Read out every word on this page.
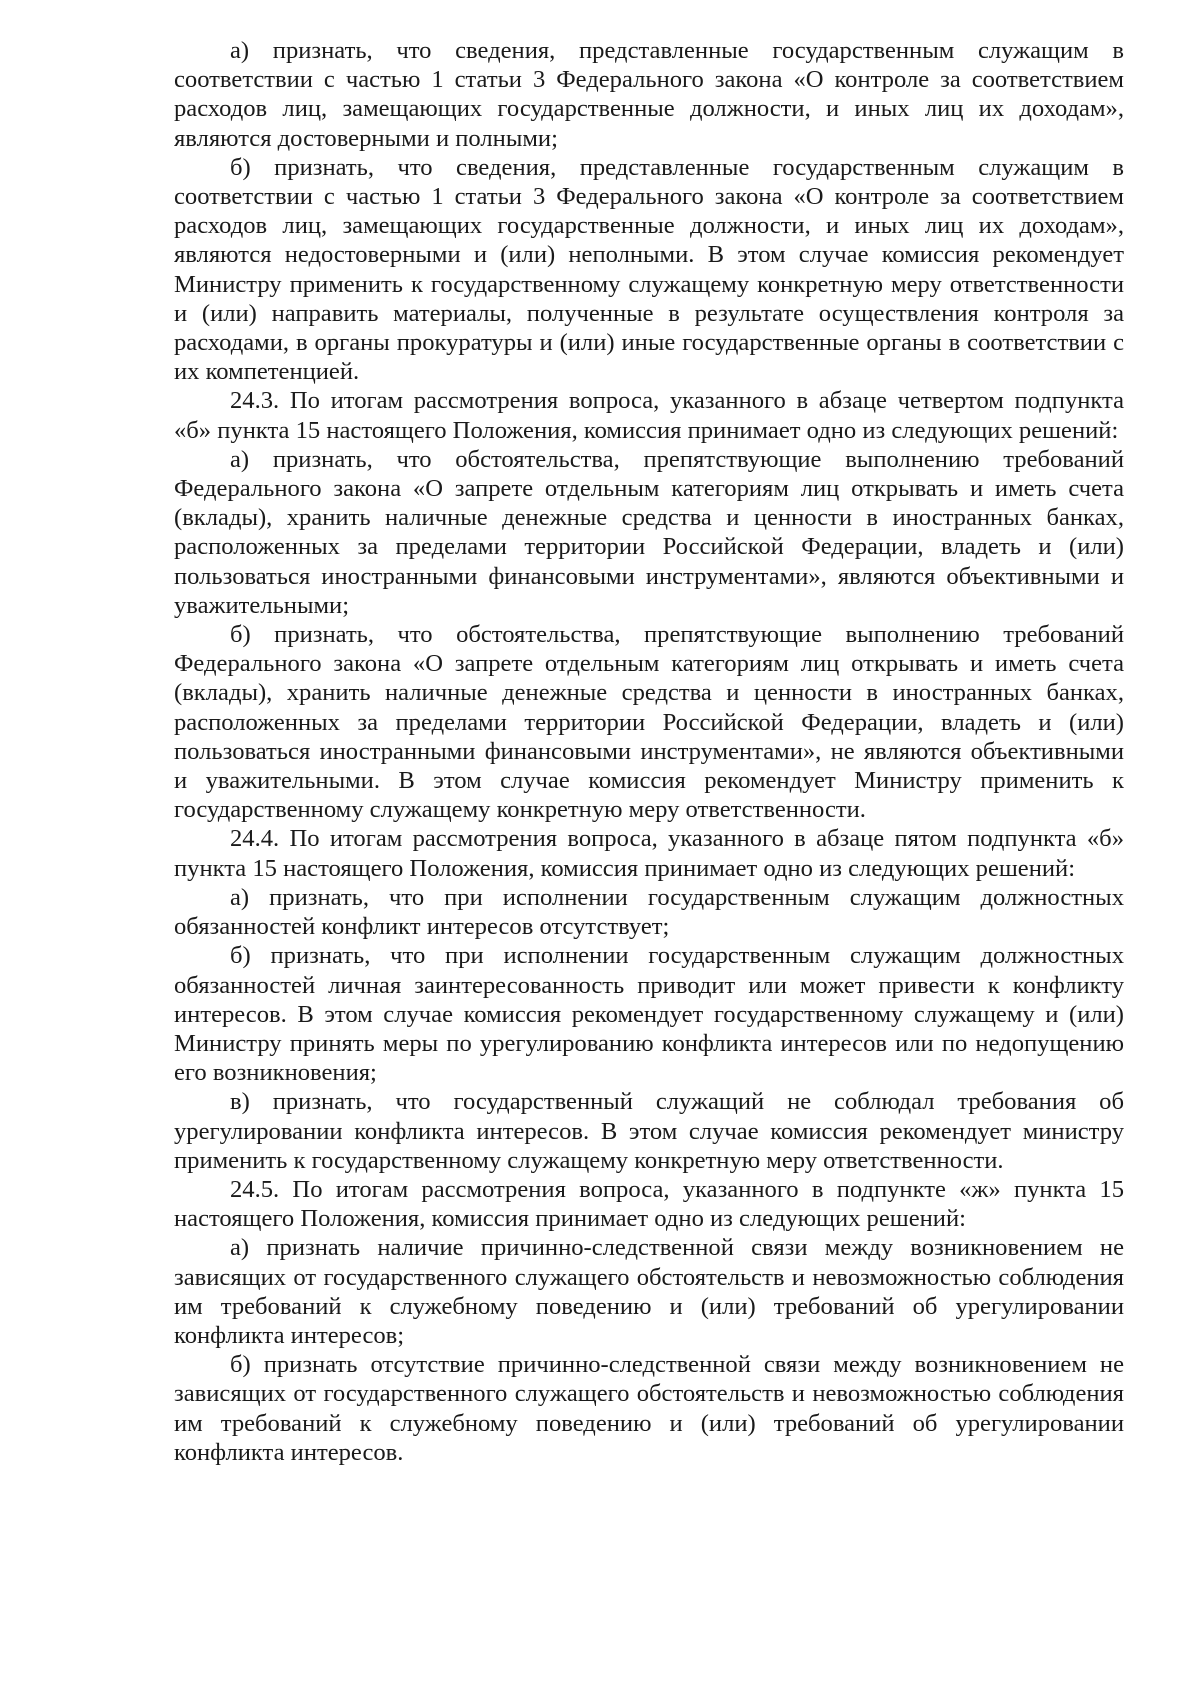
а) признать, что сведения, представленные государственным служащим в соответствии с частью 1 статьи 3 Федерального закона «О контроле за соответствием расходов лиц, замещающих государственные должности, и иных лиц их доходам», являются достоверными и полными;

б) признать, что сведения, представленные государственным служащим в соответствии с частью 1 статьи 3 Федерального закона «О контроле за соответствием расходов лиц, замещающих государственные должности, и иных лиц их доходам», являются недостоверными и (или) неполными. В этом случае комиссия рекомендует Министру применить к государственному служащему конкретную меру ответственности и (или) направить материалы, полученные в результате осуществления контроля за расходами, в органы прокуратуры и (или) иные государственные органы в соответствии с их компетенцией.

24.3. По итогам рассмотрения вопроса, указанного в абзаце четвертом подпункта «б» пункта 15 настоящего Положения, комиссия принимает одно из следующих решений:

а) признать, что обстоятельства, препятствующие выполнению требований Федерального закона «О запрете отдельным категориям лиц открывать и иметь счета (вклады), хранить наличные денежные средства и ценности в иностранных банках, расположенных за пределами территории Российской Федерации, владеть и (или) пользоваться иностранными финансовыми инструментами», являются объективными и уважительными;

б) признать, что обстоятельства, препятствующие выполнению требований Федерального закона «О запрете отдельным категориям лиц открывать и иметь счета (вклады), хранить наличные денежные средства и ценности в иностранных банках, расположенных за пределами территории Российской Федерации, владеть и (или) пользоваться иностранными финансовыми инструментами», не являются объективными и уважительными. В этом случае комиссия рекомендует Министру применить к государственному служащему конкретную меру ответственности.

24.4. По итогам рассмотрения вопроса, указанного в абзаце пятом подпункта «б» пункта 15 настоящего Положения, комиссия принимает одно из следующих решений:

а) признать, что при исполнении государственным служащим должностных обязанностей конфликт интересов отсутствует;

б) признать, что при исполнении государственным служащим должностных обязанностей личная заинтересованность приводит или может привести к конфликту интересов. В этом случае комиссия рекомендует государственному служащему и (или) Министру принять меры по урегулированию конфликта интересов или по недопущению его возникновения;

в) признать, что государственный служащий не соблюдал требования об урегулировании конфликта интересов. В этом случае комиссия рекомендует министру применить к государственному служащему конкретную меру ответственности.

24.5. По итогам рассмотрения вопроса, указанного в подпункте «ж» пункта 15 настоящего Положения, комиссия принимает одно из следующих решений:

а) признать наличие причинно-следственной связи между возникновением не зависящих от государственного служащего обстоятельств и невозможностью соблюдения им требований к служебному поведению и (или) требований об урегулировании конфликта интересов;

б) признать отсутствие причинно-следственной связи между возникновением не зависящих от государственного служащего обстоятельств и невозможностью соблюдения им требований к служебному поведению и (или) требований об урегулировании конфликта интересов.
